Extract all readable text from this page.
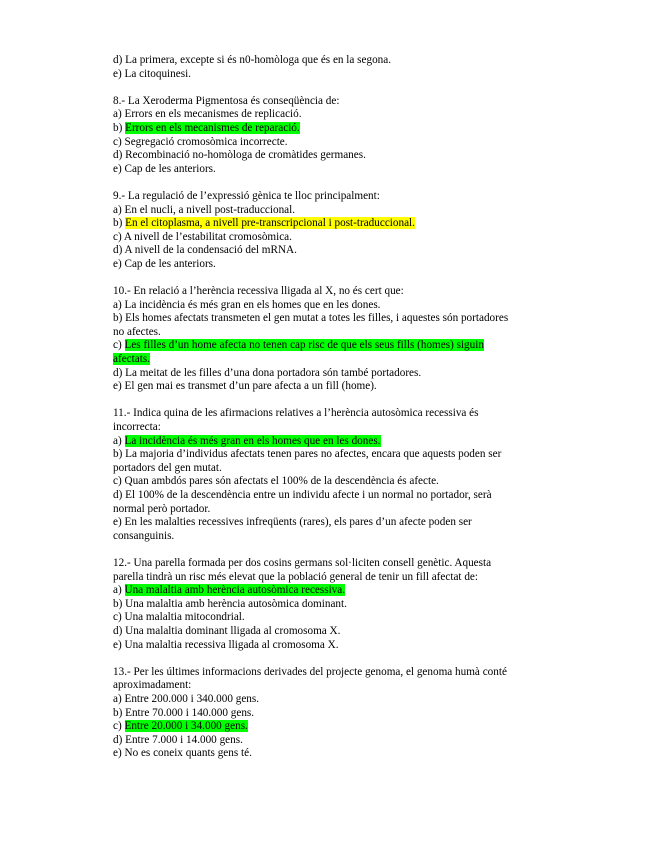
d) La primera, excepte si és n0-homòloga que és en la segona.
e) La citoquinesi.
8.- La Xeroderma Pigmentosa és conseqüència de:
a) Errors en els mecanismes de replicació.
b) Errors en els mecanismes de reparació.
c) Segregació cromosòmica incorrecte.
d) Recombinació no-homòloga de cromàtides germanes.
e) Cap de les anteriors.
9.- La regulació de l’expressió gènica te lloc principalment:
a) En el nucli, a nivell post-traduccional.
b) En el citoplasma, a nivell pre-transcripcional i post-traduccional.
c) A nivell de l’estabilitat cromosòmica.
d) A nivell de la condensació del mRNA.
e) Cap de les anteriors.
10.- En relació a l’herència recessiva lligada al X, no és cert que:
a) La incidència és més gran en els homes que en les dones.
b) Els homes afectats transmeten el gen mutat a totes les filles, i aquestes són portadores
no afectes.
c) Les filles d’un home afecta no tenen cap risc de que els seus fills (homes) siguin
afectats.
d) La meitat de les filles d’una dona portadora són també portadores.
e) El gen mai es transmet d’un pare afecta a un fill (home).
11.- Indica quina de les afirmacions relatives a l’herència autosòmica recessiva és
incorrecta:
a) La incidència és més gran en els homes que en les dones.
b) La majoria d’individus afectats tenen pares no afectes, encara que aquests poden ser
portadors del gen mutat.
c) Quan ambdós pares són afectats el 100% de la descendència és afecte.
d) El 100% de la descendència entre un individu afecte i un normal no portador, serà
normal però portador.
e) En les malalties recessives infreqüents (rares), els pares d’un afecte poden ser
consanguinis.
12.- Una parella formada per dos cosins germans sol·liciten consell genètic. Aquesta
parella tindrà un risc més elevat que la població general de tenir un fill afectat de:
a) Una malaltia amb herència autosòmica recessiva.
b) Una malaltia amb herència autosòmica dominant.
c) Una malaltia mitocondrial.
d) Una malaltia dominant lligada al cromosoma X.
e) Una malaltia recessiva lligada al cromosoma X.
13.- Per les últimes informacions derivades del projecte genoma, el genoma humà conté
aproximadament:
a) Entre 200.000 i 340.000 gens.
b) Entre 70.000 i 140.000 gens.
c) Entre 20.000 i 34.000 gens.
d) Entre 7.000 i 14.000 gens.
e) No es coneix quants gens té.
